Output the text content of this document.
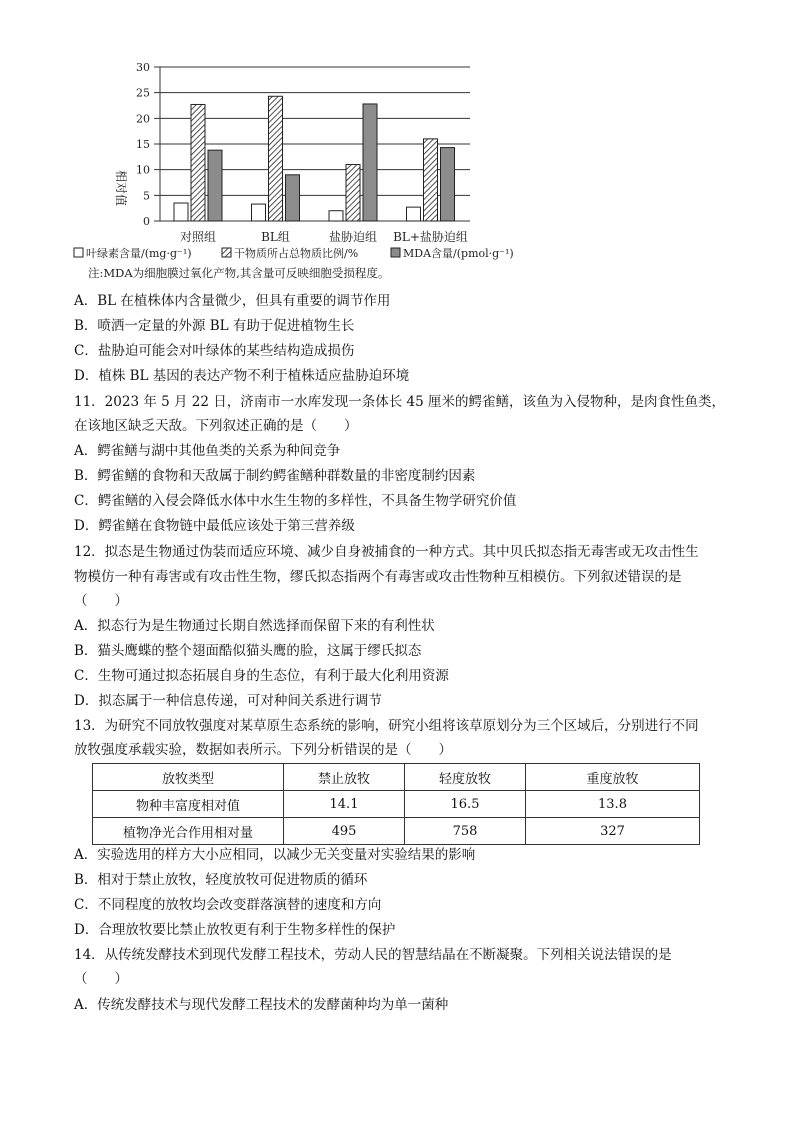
0
5
10
15
20
25
30
对照组	BL组	盐胁迫组 BL+盐胁迫组
相对值
叶绿素含量/(mg·g⁻¹)	干物质所占总物质比例/%	MDA含量/(pmol·g⁻¹)
注:MDA为细胞膜过氧化产物,其含量可反映细胞受损程度。
A．BL 在植株体内含量微少，但具有重要的调节作用
B．喷洒一定量的外源 BL 有助于促进植物生长
C．盐胁迫可能会对叶绿体的某些结构造成损伤
D．植株 BL 基因的表达产物不利于植株适应盐胁迫环境
11．2023 年 5 月 22 日，济南市一水库发现一条体长 45 厘米的鳄雀鳝，该鱼为入侵物种，是肉食性鱼类，
在该地区缺乏天敌。下列叙述正确的是（　　）
A．鳄雀鳝与湖中其他鱼类的关系为种间竞争
B．鳄雀鳝的食物和天敌属于制约鳄雀鳝种群数量的非密度制约因素
C．鳄雀鳝的入侵会降低水体中水生生物的多样性，不具备生物学研究价值
D．鳄雀鳝在食物链中最低应该处于第三营养级
12．拟态是生物通过伪装而适应环境、减少自身被捕食的一种方式。其中贝氏拟态指无毒害或无攻击性生
物模仿一种有毒害或有攻击性生物，缪氏拟态指两个有毒害或攻击性物种互相模仿。下列叙述错误的是
（　　）
A．拟态行为是生物通过长期自然选择而保留下来的有利性状
B．猫头鹰蝶的整个翅面酷似猫头鹰的脸，这属于缪氏拟态
C．生物可通过拟态拓展自身的生态位，有利于最大化利用资源
D．拟态属于一种信息传递，可对种间关系进行调节
13．为研究不同放牧强度对某草原生态系统的影响，研究小组将该草原划分为三个区域后，分别进行不同
放牧强度承载实验，数据如表所示。下列分析错误的是（　　）
放牧类型	禁止放牧	轻度放牧	重度放牧
物种丰富度相对值	14.1	16.5	13.8
植物净光合作用相对量	495	758	327
A．实验选用的样方大小应相同，以减少无关变量对实验结果的影响
B．相对于禁止放牧，轻度放牧可促进物质的循环
C．不同程度的放牧均会改变群落演替的速度和方向
D．合理放牧要比禁止放牧更有利于生物多样性的保护
14．从传统发酵技术到现代发酵工程技术，劳动人民的智慧结晶在不断凝聚。下列相关说法错误的是
（　　）
A．传统发酵技术与现代发酵工程技术的发酵菌种均为单一菌种
